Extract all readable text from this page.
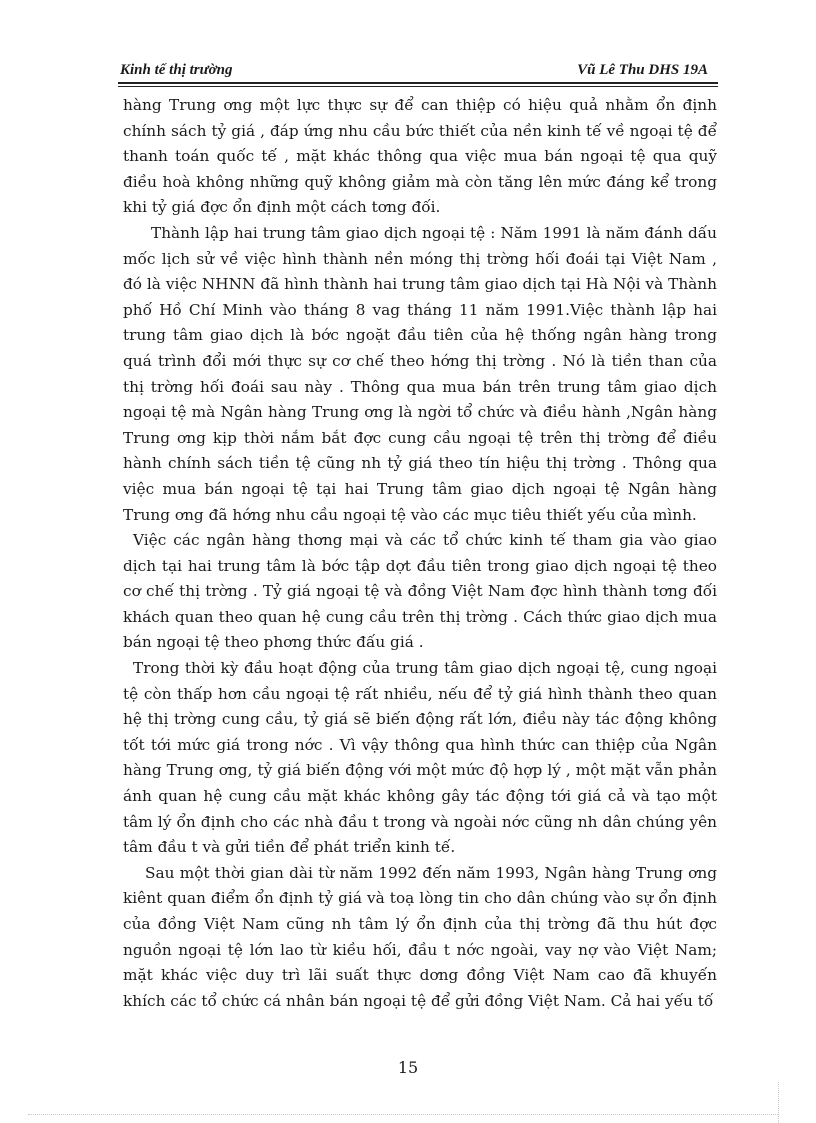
Kinh tế thị trường	Vũ Lê Thu DHS 19A

hàng Trung ơng một lực thực sự để can thiệp có hiệu quả nhằm ổn định chính sách tỷ giá , đáp ứng nhu cầu bức thiết của nền kinh tế về ngoại tệ để thanh toán quốc tế , mặt khác thông qua việc mua bán ngoại tệ qua quỹ điều hoà không những quỹ không giảm mà còn tăng lên mức đáng kể trong khi tỷ giá đợc ổn định một cách tơng đối.

Thành lập hai trung tâm giao dịch ngoại tệ : Năm 1991 là năm đánh dấu mốc lịch sử về việc hình thành nền móng thị trờng hối đoái tại Việt Nam , đó là việc NHNN đã hình thành hai trung tâm giao dịch tại Hà Nội và Thành phố Hồ Chí Minh vào tháng 8 vag tháng 11 năm 1991.Việc thành lập hai trung tâm giao dịch là bớc ngoặt đầu tiên của hệ thống ngân hàng trong quá trình đổi mới thực sự cơ chế theo hớng thị trờng . Nó là tiền than của thị trờng hối đoái sau này . Thông qua mua bán trên trung tâm giao dịch ngoại tệ mà Ngân hàng Trung ơng là ngời tổ chức và điều hành ,Ngân hàng Trung ơng kịp thời nắm bắt đợc cung cầu ngoại tệ trên thị trờng để điều hành chính sách tiền tệ cũng nh tỷ giá theo tín hiệu thị trờng . Thông qua việc mua bán ngoại tệ tại hai Trung tâm giao dịch ngoại tệ Ngân hàng Trung ơng đã hớng nhu cầu ngoại tệ vào các mục tiêu thiết yếu của mình.

Việc các ngân hàng thơng mại và các tổ chức kinh tế tham gia vào giao dịch tại hai trung tâm là bớc tập dợt đầu tiên trong giao dịch ngoại tệ theo cơ chế thị trờng . Tỷ giá ngoại tệ và đồng Việt Nam đợc hình thành tơng đối khách quan theo quan hệ cung cầu trên thị trờng . Cách thức giao dịch mua bán ngoại tệ theo phơng thức đấu giá .

Trong thời kỳ đầu hoạt động của trung tâm giao dịch ngoại tệ, cung ngoại tệ còn thấp hơn cầu ngoại tệ rất nhiều, nếu để tỷ giá hình thành theo quan hệ thị trờng cung cầu, tỷ giá sẽ biến động rất lớn, điều này tác động không tốt tới mức giá trong nớc . Vì vậy thông qua hình thức can thiệp của Ngân hàng Trung ơng, tỷ giá biến động với một mức độ hợp lý , một mặt vẫn phản ánh quan hệ cung cầu mặt khác không gây tác động tới giá cả và tạo một tâm lý ổn định cho các nhà đầu t trong và ngoài nớc cũng nh dân chúng yên tâm đầu t và gửi tiền để phát triển kinh tế.

Sau một thời gian dài từ năm 1992 đến năm 1993, Ngân hàng Trung ơng kiênt quan điểm ổn định tỷ giá và toạ lòng tin cho dân chúng vào sự ổn định của đồng Việt Nam cũng nh tâm lý ổn định của thị trờng đã thu hút đợc nguồn ngoại tệ lớn lao từ kiều hối, đầu t nớc ngoài, vay nợ vào Việt Nam; mặt khác việc duy trì lãi suất thực dơng đồng Việt Nam cao đã khuyến khích các tổ chức cá nhân bán ngoại tệ để gửi đồng Việt Nam. Cả hai yếu tố

15
